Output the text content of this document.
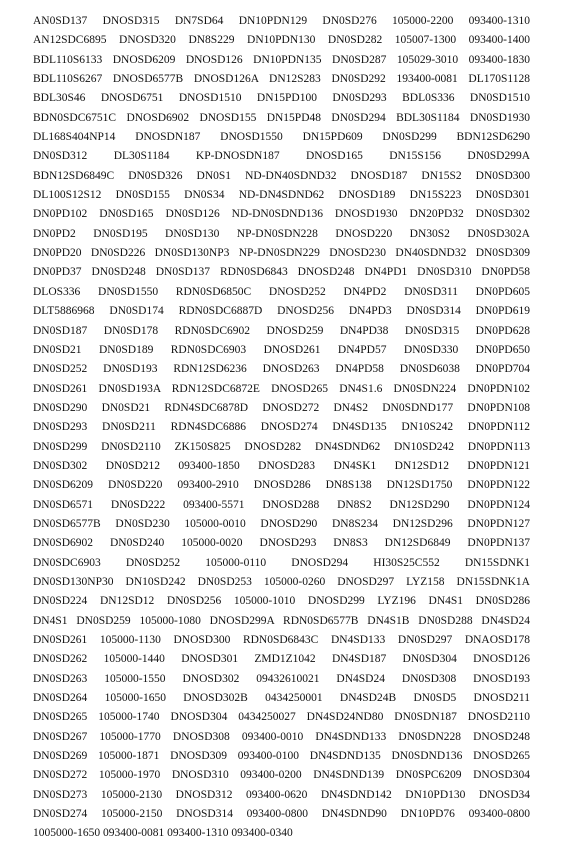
AN0SD137 DNOSD315 DN7SD64 DN10PDN129 DN0SD276 105000-2200 093400-1310
AN12SDC6895 DNOSD320 DN8S229 DN10PDN130 DN0SD282 105007-1300 093400-1400
BDL110S6133 DNOSD6209 DNOSD126 DN10PDN135 DN0SD287 105029-3010 093400-1830
BDL110S6267 DNOSD6577B DNOSD126A DN12S283 DN0SD292 193400-0081 DL170S1128
BDL30S46 DNOSD6751 DNOSD1510 DN15PD100 DN0SD293 BDL0S336 DN0SD1510
BDN0SDC6751C DNOSD6902 DNOSD155 DN15PD48 DN0SD294 BDL30S1184 DN0SD1930
DL168S404NP14 DNOSDN187 DNOSD1550 DN15PD609 DN0SD299 BDN12SD6290
DN0SD312 DL30S1184 KP-DNOSDN187 DNOSD165 DN15S156 DN0SD299A
BDN12SD6849C DN0SD326 DN0S1 ND-DN40SDND32 DNOSD187 DN15S2 DN0SD300
DL100S12S12 DN0SD155 DN0S34 ND-DN4SDND62 DNOSD189 DN15S223 DN0SD301
DN0PD102 DN0SD165 DN0SD126 ND-DN0SDND136 DNOSD1930 DN20PD32 DN0SD302
DN0PD2 DN0SD195 DN0SD130 NP-DN0SDN228 DNOSD220 DN30S2 DN0SD302A
DN0PD20 DN0SD226 DN0SD130NP3 NP-DN0SDN229 DNOSD230 DN40SDND32 DN0SD309
DN0PD37 DN0SD248 DN0SD137 RDN0SD6843 DNOSD248 DN4PD1 DN0SD310 DN0PD58
DLOS336 DN0SD1550 RDN0SD6850C DNOSD252 DN4PD2 DN0SD311 DN0PD605
DLT5886968 DN0SD174 RDN0SDC6887D DNOSD256 DN4PD3 DN0SD314 DN0PD619
DN0SD187 DN0SD178 RDN0SDC6902 DNOSD259 DN4PD38 DN0SD315 DN0PD628
DN0SD21 DN0SD189 RDN0SDC6903 DNOSD261 DN4PD57 DN0SD330 DN0PD650
DN0SD252 DN0SD193 RDN12SD6236 DNOSD263 DN4PD58 DN0SD6038 DN0PD704
DN0SD261 DN0SD193A RDN12SDC6872E DNOSD265 DN4S1.6 DN0SDN224 DN0PDN102
DN0SD290 DN0SD21 RDN4SDC6878D DNOSD272 DN4S2 DN0SDND177 DN0PDN108
DN0SD293 DN0SD211 RDN4SDC6886 DNOSD274 DN4SD135 DN10S242 DN0PDN112
DN0SD299 DN0SD2110 ZK150S825 DNOSD282 DN4SDND62 DN10SD242 DN0PDN113
DN0SD302 DN0SD212 093400-1850 DNOSD283 DN4SK1 DN12SD12 DN0PDN121
DN0SD6209 DN0SD220 093400-2910 DNOSD286 DN8S138 DN12SD1750 DN0PDN122
DN0SD6571 DN0SD222 093400-5571 DNOSD288 DN8S2 DN12SD290 DN0PDN124
DN0SD6577B DN0SD230 105000-0010 DNOSD290 DN8S234 DN12SD296 DN0PDN127
DN0SD6902 DN0SD240 105000-0020 DNOSD293 DN8S3 DN12SD6849 DN0PDN137
DN0SDC6903 DN0SD252 105000-0110 DNOSD294 HI30S25C552 DN15SDNK1
DN0SD130NP30 DN10SD242 DN0SD253 105000-0260 DNOSD297 LYZ158 DN15SDNK1A
DN0SD224 DN12SD12 DN0SD256 105000-1010 DNOSD299 LYZ196 DN4S1 DN0SD286
DN4S1 DN0SD259 105000-1080 DNOSD299A RDN0SD6577B DN4S1B DN0SD288 DN4SD24
DN0SD261 105000-1130 DNOSD300 RDN0SD6843C DN4SD133 DN0SD297 DNAOSD178
DN0SD262 105000-1440 DNOSD301 ZMD1Z1042 DN4SD187 DN0SD304 DNOSD126
DN0SD263 105000-1550 DNOSD302 09432610021 DN4SD24 DN0SD308 DNOSD193
DN0SD264 105000-1650 DNOSD302B 0434250001 DN4SD24B DN0SD5 DNOSD211
DN0SD265 105000-1740 DNOSD304 0434250027 DN4SD24ND80 DN0SDN187 DNOSD2110
DN0SD267 105000-1770 DNOSD308 093400-0010 DN4SDND133 DN0SDN228 DNOSD248
DN0SD269 105000-1871 DNOSD309 093400-0100 DN4SDND135 DN0SDND136 DNOSD265
DN0SD272 105000-1970 DNOSD310 093400-0200 DN4SDND139 DN0SPC6209 DNOSD304
DN0SD273 105000-2130 DNOSD312 093400-0620 DN4SDND142 DN10PD130 DNOSD34
DN0SD274 105000-2150 DNOSD314 093400-0800 DN4SDND90 DN10PD76 093400-0800
1005000-1650 093400-0081 093400-1310 093400-0340
